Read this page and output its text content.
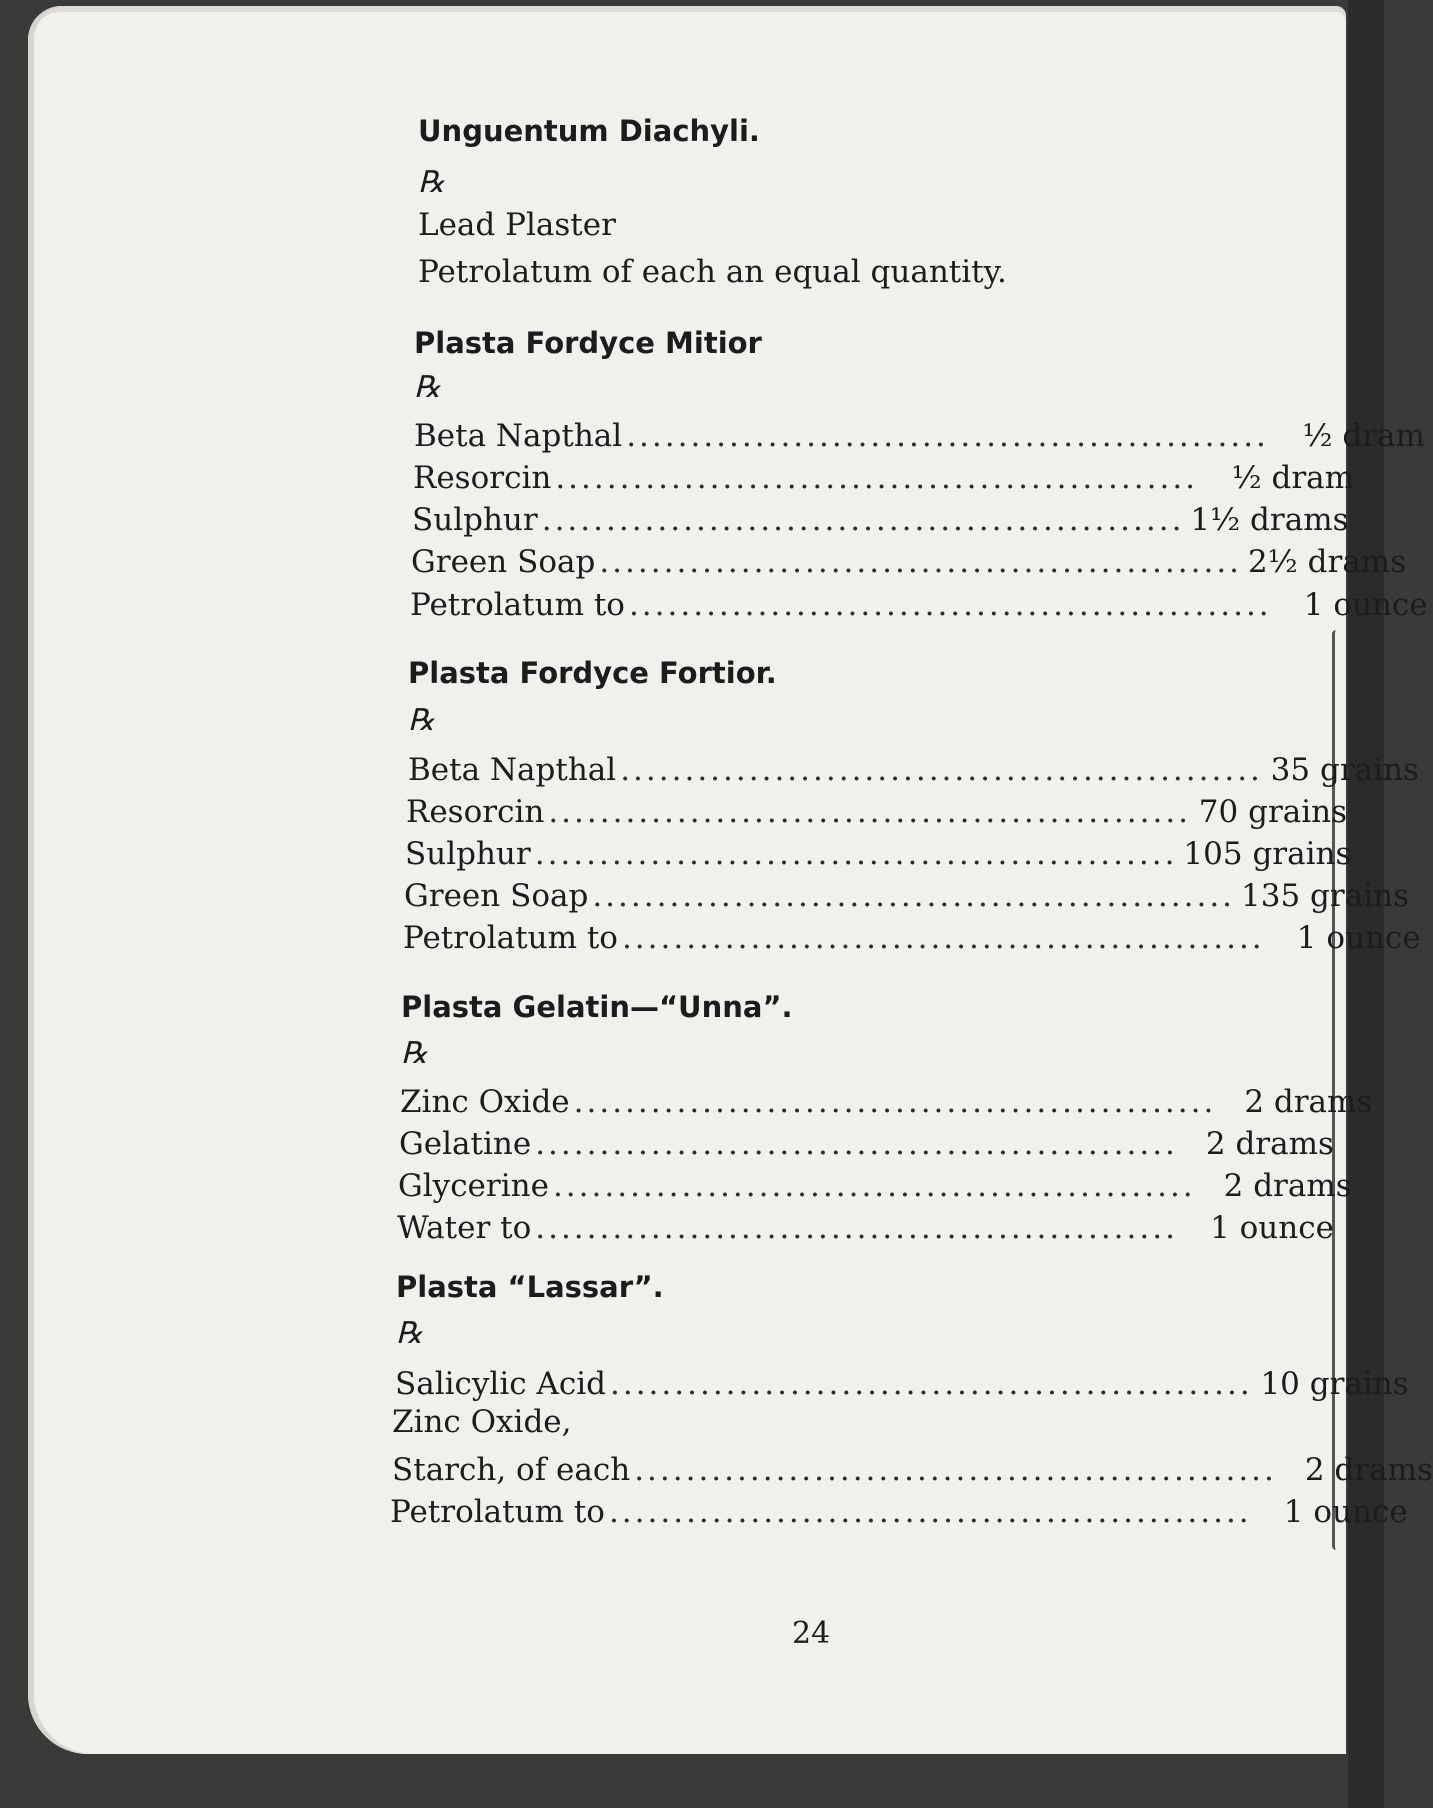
Unguentum Diachyli.
℞
Lead Plaster
Petrolatum of each an equal quantity.
Plasta Fordyce Mitior
℞
Beta Napthal ..................................................	½ dram
Resorcin ..................................................	½ dram
Sulphur .................................................. 1½ drams
Green Soap .................................................. 2½ drams
Petrolatum to ..................................................	1 ounce
Plasta Fordyce Fortior.
℞
Beta Napthal .................................................. 35 grains
Resorcin .................................................. 70 grains
Sulphur .................................................. 105 grains
Green Soap .................................................. 135 grains
Petrolatum to ..................................................	1 ounce
Plasta Gelatin—“Unna”.
℞
Zinc Oxide .................................................. 2 drams
Gelatine .................................................. 2 drams
Glycerine .................................................. 2 drams
Water to ..................................................	1 ounce
Plasta “Lassar”.
℞
Salicylic Acid .................................................. 10 grains
Zinc Oxide,
Starch, of each .................................................. 2 drams
Petrolatum to ..................................................	1 ounce
24
